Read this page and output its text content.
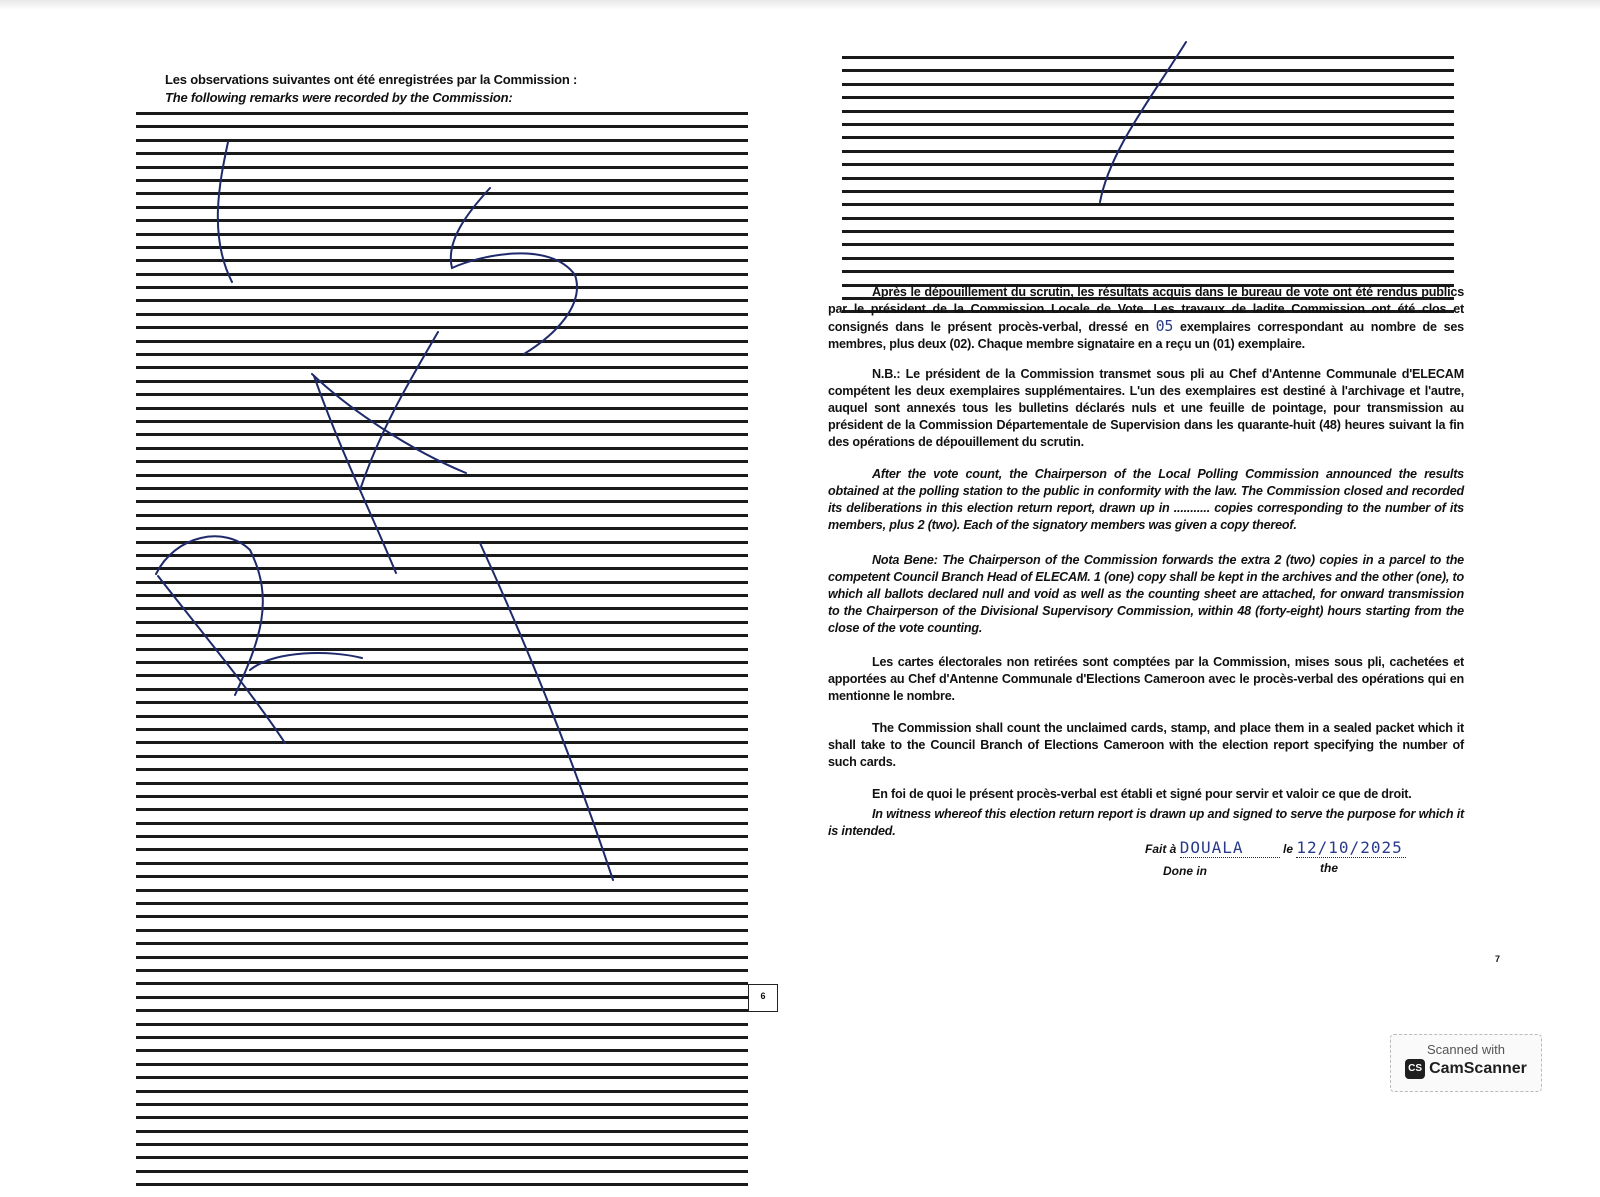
Les observations suivantes ont été enregistrées par la Commission :
The following remarks were recorded by the Commission:
6
Après le dépouillement du scrutin, les résultats acquis dans le bureau de vote ont été rendus publics par le président de la Commission Locale de Vote. Les travaux de ladite Commission ont été clos et consignés dans le présent procès-verbal, dressé en 05 exemplaires correspondant au nombre de ses membres, plus deux (02). Chaque membre signataire en a reçu un (01) exemplaire.
N.B.: Le président de la Commission transmet sous pli au Chef d'Antenne Communale d'ELECAM compétent les deux exemplaires supplémentaires. L'un des exemplaires est destiné à l'archivage et l'autre, auquel sont annexés tous les bulletins déclarés nuls et une feuille de pointage, pour transmission au président de la Commission Départementale de Supervision dans les quarante-huit (48) heures suivant la fin des opérations de dépouillement du scrutin.
After the vote count, the Chairperson of the Local Polling Commission announced the results obtained at the polling station to the public in conformity with the law. The Commission closed and recorded its deliberations in this election return report, drawn up in ........... copies corresponding to the number of its members, plus 2 (two). Each of the signatory members was given a copy thereof.
Nota Bene: The Chairperson of the Commission forwards the extra 2 (two) copies in a parcel to the competent Council Branch Head of ELECAM. 1 (one) copy shall be kept in the archives and the other (one), to which all ballots declared null and void as well as the counting sheet are attached, for onward transmission to the Chairperson of the Divisional Supervisory Commission, within 48 (forty-eight) hours starting from the close of the vote counting.
Les cartes électorales non retirées sont comptées par la Commission, mises sous pli, cachetées et apportées au Chef d'Antenne Communale d'Elections Cameroon avec le procès-verbal des opérations qui en mentionne le nombre.
The Commission shall count the unclaimed cards, stamp, and place them in a sealed packet which it shall take to the Council Branch of Elections Cameroon with the election report specifying the number of such cards.
En foi de quoi le présent procès-verbal est établi et signé pour servir et valoir ce que de droit.
In witness whereof this election return report is drawn up and signed to serve the purpose for which it is intended.
Fait à DOUALA	le 12/10/2025
Done in	the
7
Scanned with
CS CamScanner
